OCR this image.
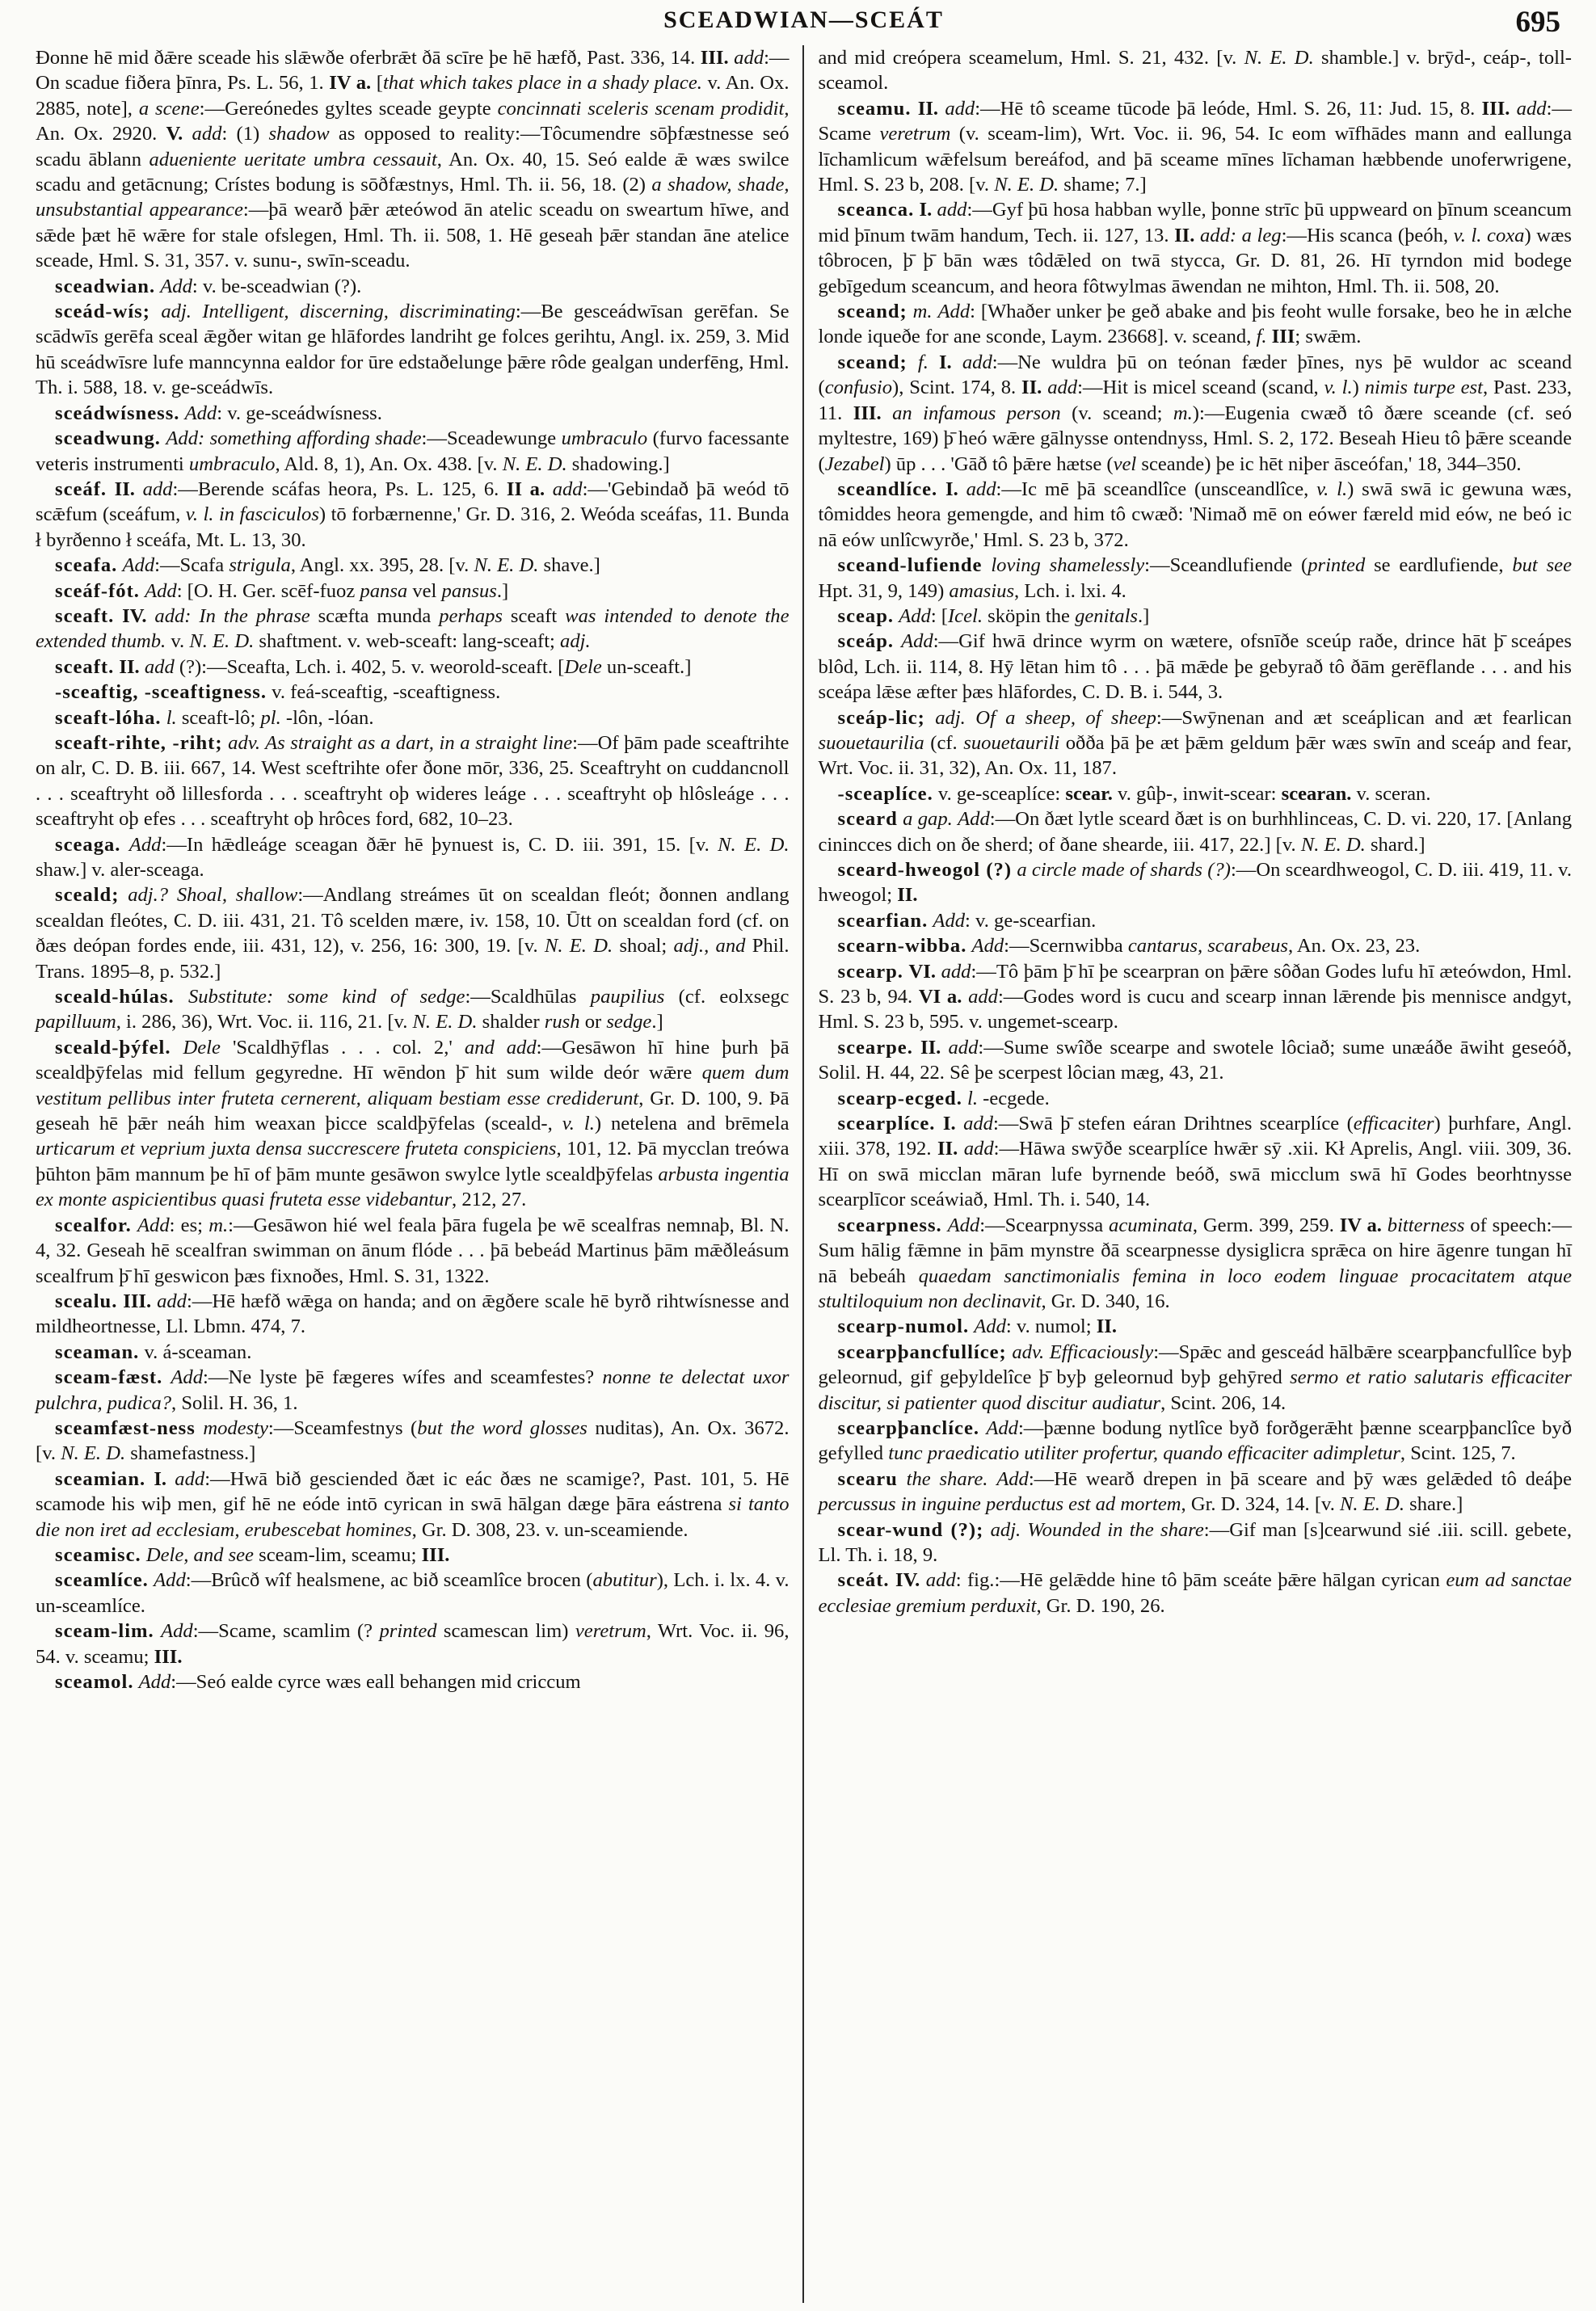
SCEADWIAN—SCEÁT	695

Ðonne hē mid ðǣre sceade his slǣwðe oferbrǣt ðā scīre þe hē hæfð, Past. 336, 14. III. add:—On scadue fiðera þīnra, Ps. L. 56, 1. IV a. [that which takes place in a shady place. v. An. Ox. 2885, note], a scene:—Gereónedes gyltes sceade geypte concinnati sceleris scenam prodidit, An. Ox. 2920. V. add: (1) shadow as opposed to reality:—Tôcumendre sōþfæstnesse seó scadu āblann adueniente ueritate umbra cessauit, An. Ox. 40, 15. Seó ealde ǣ wæs swilce scadu and getācnung; Crístes bodung is sōðfæstnys, Hml. Th. ii. 56, 18. (2) a shadow, shade, unsubstantial appearance:—þā wearð þǣr æteówod ān atelic sceadu on sweartum hīwe, and sǣde þæt hē wǣre for stale ofslegen, Hml. Th. ii. 508, 1. Hē geseah þǣr standan āne atelice sceade, Hml. S. 31, 357. v. sunu-, swīn-sceadu.

sceadwian. Add: v. be-sceadwian (?).

sceád-wís; adj. Intelligent, discerning, discriminating:—Be gesceádwīsan gerēfan. Se scādwīs gerēfa sceal ǣgðer witan ge hlāfordes landriht ge folces gerihtu, Angl. ix. 259, 3. Mid hū sceádwīsre lufe manncynna ealdor for ūre edstaðelunge þǣre rôde gealgan underfēng, Hml. Th. i. 588, 18. v. ge-sceádwīs.

sceádwísness. Add: v. ge-sceádwísness.

sceadwung. Add: something affording shade:—Sceadewunge umbraculo (furvo facessante veteris instrumenti umbraculo, Ald. 8, 1), An. Ox. 438. [v. N. E. D. shadowing.]

sceáf. II. add:—Berende scáfas heora, Ps. L. 125, 6. II a. add:—'Gebindað þā weód tō scǣfum (sceáfum, v. l. in fasciculos) tō forbærnenne,' Gr. D. 316, 2. Weóda sceáfas, 11. Bunda ł byrðenno ł sceáfa, Mt. L. 13, 30.

sceafa. Add:—Scafa strigula, Angl. xx. 395, 28. [v. N. E. D. shave.]

sceáf-fót. Add: [O. H. Ger. scēf-fuoz pansa vel pansus.]

sceaft. IV. add: In the phrase scæfta munda perhaps sceaft was intended to denote the extended thumb. v. N. E. D. shaftment. v. web-sceaft: lang-sceaft; adj.

sceaft. II. add (?):—Sceafta, Lch. i. 402, 5. v. weorold-sceaft. [Dele un-sceaft.]

-sceaftig, -sceaftigness. v. feá-sceaftig, -sceaftigness.

sceaft-lóha. l. sceaft-lô; pl. -lôn, -lóan.

sceaft-rihte, -riht; adv. As straight as a dart, in a straight line:—Of þām pade sceaftrihte on alr, C. D. B. iii. 667, 14. West sceftrihte ofer ðone mōr, 336, 25. Sceaftryht on cuddancnoll . . . sceaftryht oð lillesforda . . . sceaftryht oþ wideres leáge . . . sceaftryht oþ hlôsleáge . . . sceaftryht oþ efes . . . sceaftryht oþ hrôces ford, 682, 10–23.

sceaga. Add:—In hǣdleáge sceagan ðǣr hē þynuest is, C. D. iii. 391, 15. [v. N. E. D. shaw.] v. aler-sceaga.

sceald; adj.? Shoal, shallow:—Andlang streámes ūt on scealdan fleót; ðonnen andlang scealdan fleótes, C. D. iii. 431, 21. Tô scelden mære, iv. 158, 10. Ūtt on scealdan ford (cf. on ðæs deópan fordes ende, iii. 431, 12), v. 256, 16: 300, 19. [v. N. E. D. shoal; adj., and Phil. Trans. 1895–8, p. 532.]

sceald-húlas. Substitute: some kind of sedge:—Scaldhūlas paupilius (cf. eolxsegc papilluum, i. 286, 36), Wrt. Voc. ii. 116, 21. [v. N. E. D. shalder rush or sedge.]

sceald-þýfel. Dele 'Scaldhȳflas . . . col. 2,' and add:—Gesāwon hī hine þurh þā scealdþȳfelas mid fellum gegyredne. Hī wēndon þ̄ hit sum wilde deór wǣre quem dum vestitum pellibus inter fruteta cernerent, aliquam bestiam esse crediderunt, Gr. D. 100, 9. Þā geseah hē þǣr neáh him weaxan þicce scaldþȳfelas (sceald-, v. l.) netelena and brēmela urticarum et veprium juxta densa succrescere fruteta conspiciens, 101, 12. Þā mycclan treówa þūhton þām mannum þe hī of þām munte gesāwon swylce lytle scealdþȳfelas arbusta ingentia ex monte aspicientibus quasi fruteta esse videbantur, 212, 27.

scealfor. Add: es; m.:—Gesāwon hié wel feala þāra fugela þe wē scealfras nemnaþ, Bl. N. 4, 32. Geseah hē scealfran swimman on ānum flóde . . . þā bebeád Martinus þām mǣðleásum scealfrum þ̄ hī geswicon þæs fixnoðes, Hml. S. 31, 1322.

scealu. III. add:—Hē hæfð wǣga on handa; and on ǣgðere scale hē byrð rihtwísnesse and mildheortnesse, Ll. Lbmn. 474, 7.

sceaman. v. á-sceaman.

sceam-fæst. Add:—Ne lyste þē fægeres wífes and sceamfestes? nonne te delectat uxor pulchra, pudica?, Solil. H. 36, 1.

sceamfæst-ness modesty:—Sceamfestnys (but the word glosses nuditas), An. Ox. 3672. [v. N. E. D. shamefastness.]

sceamian. I. add:—Hwā bið gesciended ðæt ic eác ðæs ne scamige?, Past. 101, 5. Hē scamode his wiþ men, gif hē ne eóde intō cyrican in swā hālgan dæge þāra eástrena si tanto die non iret ad ecclesiam, erubescebat homines, Gr. D. 308, 23. v. un-sceamiende.

sceamisc. Dele, and see sceam-lim, sceamu; III.

sceamlíce. Add:—Brûcð wîf healsmene, ac bið sceamlîce brocen (abutitur), Lch. i. lx. 4. v. un-sceamlíce.

sceam-lim. Add:—Scame, scamlim (? printed scamescan lim) veretrum, Wrt. Voc. ii. 96, 54. v. sceamu; III.

sceamol. Add:—Seó ealde cyrce wæs eall behangen mid criccum

and mid creópera sceamelum, Hml. S. 21, 432. [v. N. E. D. shamble.] v. brȳd-, ceáp-, toll-sceamol.

sceamu. II. add:—Hē tô sceame tūcode þā leóde, Hml. S. 26, 11: Jud. 15, 8. III. add:—Scame veretrum (v. sceam-lim), Wrt. Voc. ii. 96, 54. Ic eom wīfhādes mann and eallunga līchamlicum wǣfelsum bereáfod, and þā sceame mīnes līchaman hæbbende unoferwrigene, Hml. S. 23 b, 208. [v. N. E. D. shame; 7.]

sceanca. I. add:—Gyf þū hosa habban wylle, þonne strīc þū uppweard on þīnum sceancum mid þīnum twām handum, Tech. ii. 127, 13. II. add: a leg:—His scanca (þeóh, v. l. coxa) wæs tôbrocen, þ̄ þ̄ bān wæs tôdǣled on twā stycca, Gr. D. 81, 26. Hī tyrndon mid bodege gebīgedum sceancum, and heora fôtwylmas āwendan ne mihton, Hml. Th. ii. 508, 20.

sceand; m. Add: [Whaðer unker þe geð abake and þis feoht wulle forsake, beo he in ælche londe iqueðe for ane sconde, Laym. 23668]. v. sceand, f. III; swǣm.

sceand; f. I. add:—Ne wuldra þū on teónan fæder þīnes, nys þē wuldor ac sceand (confusio), Scint. 174, 8. II. add:—Hit is micel sceand (scand, v. l.) nimis turpe est, Past. 233, 11. III. an infamous person (v. sceand; m.):—Eugenia cwæð tô ðære sceande (cf. seó myltestre, 169) þ̄ heó wǣre gālnysse ontendnyss, Hml. S. 2, 172. Beseah Hieu tô þǣre sceande (Jezabel) ūp . . . 'Gāð tô þǣre hætse (vel sceande) þe ic hēt niþer āsceófan,' 18, 344–350.

sceandlíce. I. add:—Ic mē þā sceandlîce (unsceandlîce, v. l.) swā swā ic gewuna wæs, tômiddes heora gemengde, and him tô cwæð: 'Nimað mē on eówer færeld mid eów, ne beó ic nā eów unlîcwyrðe,' Hml. S. 23 b, 372.

sceand-lufiende loving shamelessly:—Sceandlufiende (printed se eardlufiende, but see Hpt. 31, 9, 149) amasius, Lch. i. lxi. 4.

sceap. Add: [Icel. sköpin the genitals.]

sceáp. Add:—Gif hwā drince wyrm on wætere, ofsnīðe sceúp raðe, drince hāt þ̄ sceápes blôd, Lch. ii. 114, 8. Hȳ lētan him tô . . . þā mǣde þe gebyrað tô ðām gerēflande . . . and his sceápa lǣse æfter þæs hlāfordes, C. D. B. i. 544, 3.

sceáp-lic; adj. Of a sheep, of sheep:—Swȳnenan and æt sceáplican and æt fearlican suouetaurilia (cf. suouetaurili oðða þā þe æt þǣm geldum þǣr wæs swīn and sceáp and fear, Wrt. Voc. ii. 31, 32), An. Ox. 11, 187.

-sceaplíce. v. ge-sceaplíce: scear. v. gûþ-, inwit-scear: scearan. v. sceran.

sceard a gap. Add:—On ðæt lytle sceard ðæt is on burhhlinceas, C. D. vi. 220, 17. [Anlang cinincces dich on ðe sherd; of ðane shearde, iii. 417, 22.] [v. N. E. D. shard.]

sceard-hweogol (?) a circle made of shards (?):—On sceardhweogol, C. D. iii. 419, 11. v. hweogol; II.

scearfian. Add: v. ge-scearfian.

scearn-wibba. Add:—Scernwibba cantarus, scarabeus, An. Ox. 23, 23.

scearp. VI. add:—Tô þām þ̄ hī þe scearpran on þǣre sôðan Godes lufu hī æteówdon, Hml. S. 23 b, 94. VI a. add:—Godes word is cucu and scearp innan lǣrende þis mennisce andgyt, Hml. S. 23 b, 595. v. ungemet-scearp.

scearpe. II. add:—Sume swîðe scearpe and swotele lôciað; sume unæáðe āwiht geseóð, Solil. H. 44, 22. Sê þe scerpest lôcian mæg, 43, 21.

scearp-ecged. l. -ecgede.

scearplíce. I. add:—Swā þ̄ stefen eáran Drihtnes scearplíce (efficaciter) þurhfare, Angl. xiii. 378, 192. II. add:—Hāwa swȳðe scearplíce hwǣr sȳ .xii. Kł Aprelis, Angl. viii. 309, 36. Hī on swā micclan māran lufe byrnende beóð, swā micclum swā hī Godes beorhtnysse scearplīcor sceáwiað, Hml. Th. i. 540, 14.

scearpness. Add:—Scearpnyssa acuminata, Germ. 399, 259. IV a. bitterness of speech:—Sum hālig fǣmne in þām mynstre ðā scearpnesse dysiglicra sprǣca on hire āgenre tungan hī nā bebeáh quaedam sanctimonialis femina in loco eodem linguae procacitatem atque stultiloquium non declinavit, Gr. D. 340, 16.

scearp-numol. Add: v. numol; II.

scearpþancfullíce; adv. Efficaciously:—Spǣc and gesceád hālbǣre scearpþancfullîce byþ geleornud, gif geþyldelîce þ̄ byþ geleornud byþ gehȳred sermo et ratio salutaris efficaciter discitur, si patienter quod discitur audiatur, Scint. 206, 14.

scearpþanclíce. Add:—þænne bodung nytlîce byð forðgerǣht þænne scearpþanclîce byð gefylled tunc praedicatio utiliter profertur, quando efficaciter adimpletur, Scint. 125, 7.

scearu the share. Add:—Hē wearð drepen in þā sceare and þȳ wæs gelǣded tô deáþe percussus in inguine perductus est ad mortem, Gr. D. 324, 14. [v. N. E. D. share.]

scear-wund (?); adj. Wounded in the share:—Gif man [s]cearwund sié .iii. scill. gebete, Ll. Th. i. 18, 9.

sceát. IV. add: fig.:—Hē gelǣdde hine tô þām sceáte þǣre hālgan cyrican eum ad sanctae ecclesiae gremium perduxit, Gr. D. 190, 26.
